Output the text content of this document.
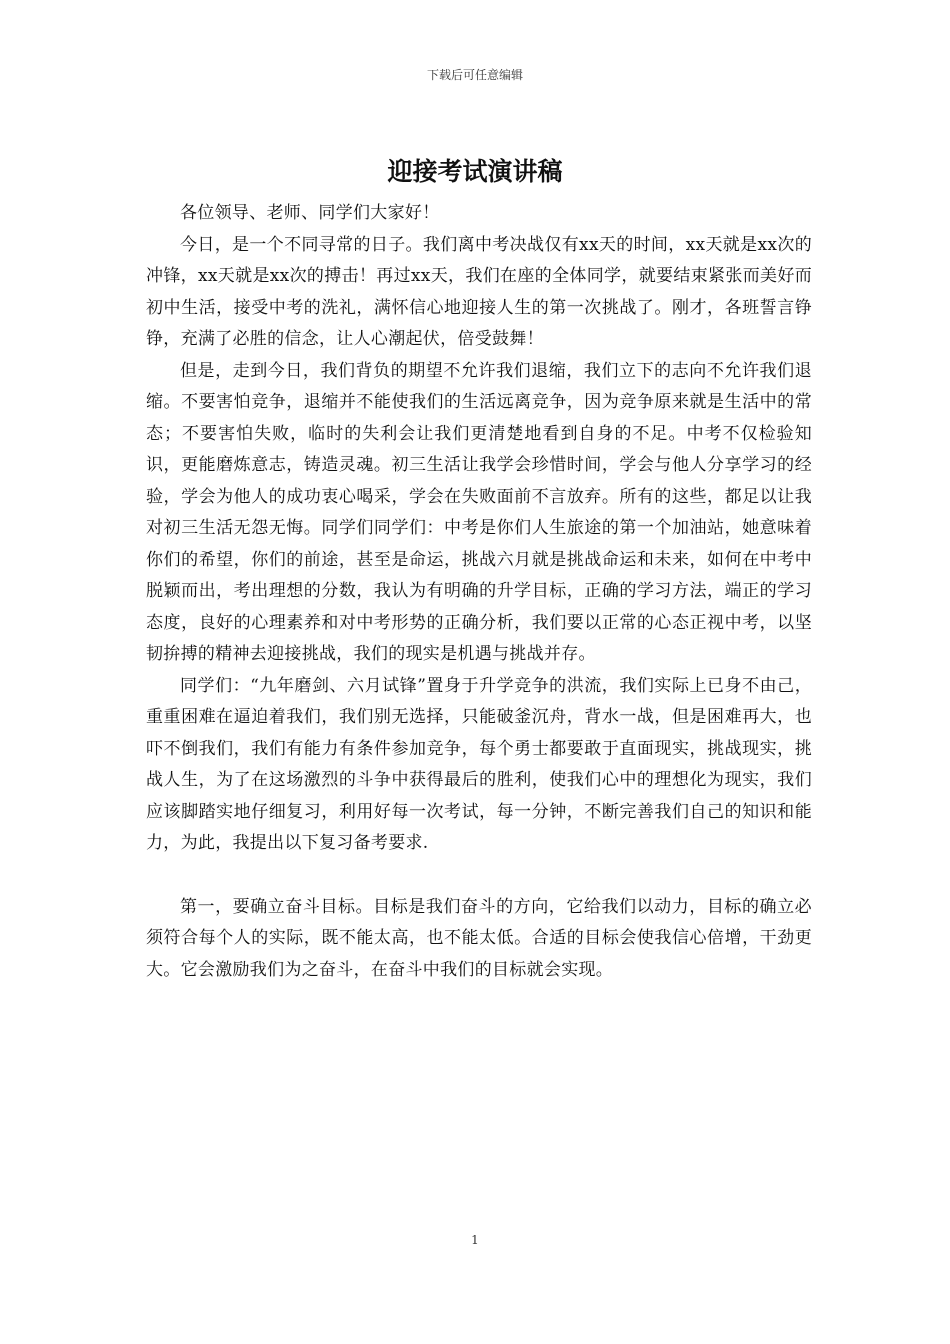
下载后可任意编辑
迎接考试演讲稿

各位领导、老师、同学们大家好！

今日，是一个不同寻常的日子。我们离中考决战仅有xx天的时间，xx天就是xx次的冲锋，xx天就是xx次的搏击！再过xx天，我们在座的全体同学，就要结束紧张而美好而初中生活，接受中考的洗礼，满怀信心地迎接人生的第一次挑战了。刚才，各班誓言铮铮，充满了必胜的信念，让人心潮起伏，倍受鼓舞！

但是，走到今日，我们背负的期望不允许我们退缩，我们立下的志向不允许我们退缩。不要害怕竞争，退缩并不能使我们的生活远离竞争，因为竞争原来就是生活中的常态；不要害怕失败，临时的失利会让我们更清楚地看到自身的不足。中考不仅检验知识，更能磨炼意志，铸造灵魂。初三生活让我学会珍惜时间，学会与他人分享学习的经验，学会为他人的成功衷心喝采，学会在失败面前不言放弃。所有的这些，都足以让我对初三生活无怨无悔。同学们同学们：中考是你们人生旅途的第一个加油站，她意味着你们的希望，你们的前途，甚至是命运，挑战六月就是挑战命运和未来，如何在中考中脱颖而出，考出理想的分数，我认为有明确的升学目标，正确的学习方法，端正的学习态度，良好的心理素养和对中考形势的正确分析，我们要以正常的心态正视中考，以坚韧拚搏的精神去迎接挑战，我们的现实是机遇与挑战并存。

同学们：“九年磨剑、六月试锋”置身于升学竞争的洪流，我们实际上已身不由己，重重困难在逼迫着我们，我们别无选择，只能破釜沉舟，背水一战，但是困难再大，也吓不倒我们，我们有能力有条件参加竞争，每个勇士都要敢于直面现实，挑战现实，挑战人生，为了在这场激烈的斗争中获得最后的胜利，使我们心中的理想化为现实，我们应该脚踏实地仔细复习，利用好每一次考试，每一分钟，不断完善我们自己的知识和能力，为此，我提出以下复习备考要求.

第一，要确立奋斗目标。目标是我们奋斗的方向，它给我们以动力，目标的确立必须符合每个人的实际，既不能太高，也不能太低。合适的目标会使我信心倍增，干劲更大。它会激励我们为之奋斗，在奋斗中我们的目标就会实现。

1
